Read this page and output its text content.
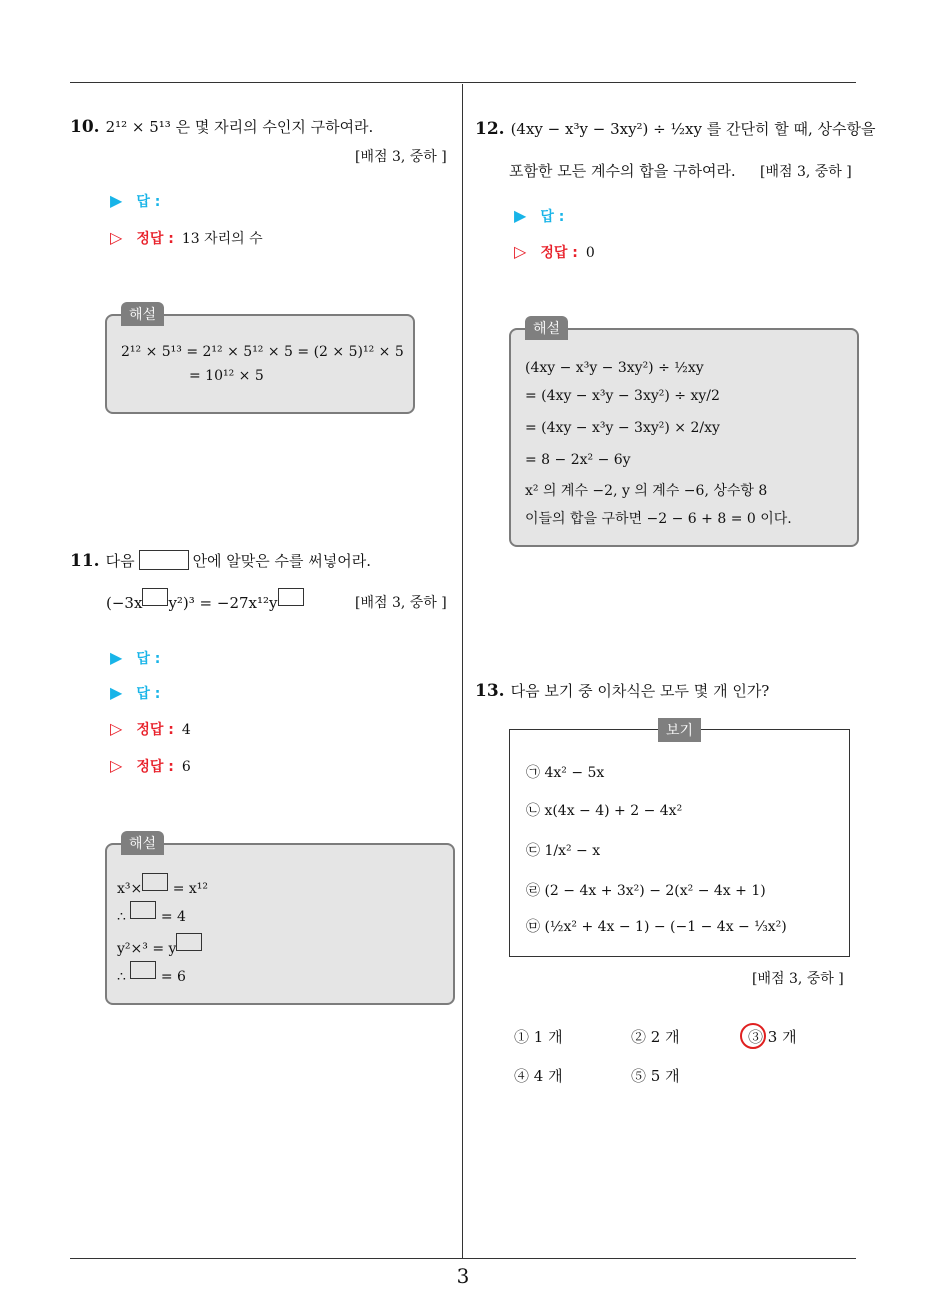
10. 2¹² × 5¹³ 은 몇 자리의 수인지 구하여라.
[배점 3, 중하 ]
▶ 답 :
▷ 정답 : 13 자리의 수
해설
2¹² × 5¹³ = 2¹² × 5¹² × 5 = (2 × 5)¹² × 5
= 10¹² × 5
11. 다음	안에 알맞은 수를 써넣어라.
(−3x y²)³ = −27x¹²y	[배점 3, 중하 ]
▶ 답 :
▶ 답 :
▷ 정답 : 4
▷ 정답 : 6
해설
x³× = x¹²
∴ = 4
y²×³ = y
∴ = 6
12. (4xy − x³y − 3xy²) ÷ ½xy 를 간단히 할 때, 상수항을
포함한 모든 계수의 합을 구하여라. [배점 3, 중하 ]
▶ 답 :
▷ 정답 : 0
해설
(4xy − x³y − 3xy²) ÷ ½xy
= (4xy − x³y − 3xy²) ÷ xy/2
= (4xy − x³y − 3xy²) × 2/xy
= 8 − 2x² − 6y
x² 의 계수 −2, y 의 계수 −6, 상수항 8
이들의 합을 구하면 −2 − 6 + 8 = 0 이다.
13. 다음 보기 중 이차식은 모두 몇 개 인가?
보기
㉠ 4x² − 5x
㉡ x(4x − 4) + 2 − 4x²
㉢ 1/x² − x
㉣ (2 − 4x + 3x²) − 2(x² − 4x + 1)
㉤ (½x² + 4x − 1) − (−1 − 4x − ⅓x²)
[배점 3, 중하 ]
① 1 개	② 2 개	③ 3 개
④ 4 개	⑤ 5 개
3
